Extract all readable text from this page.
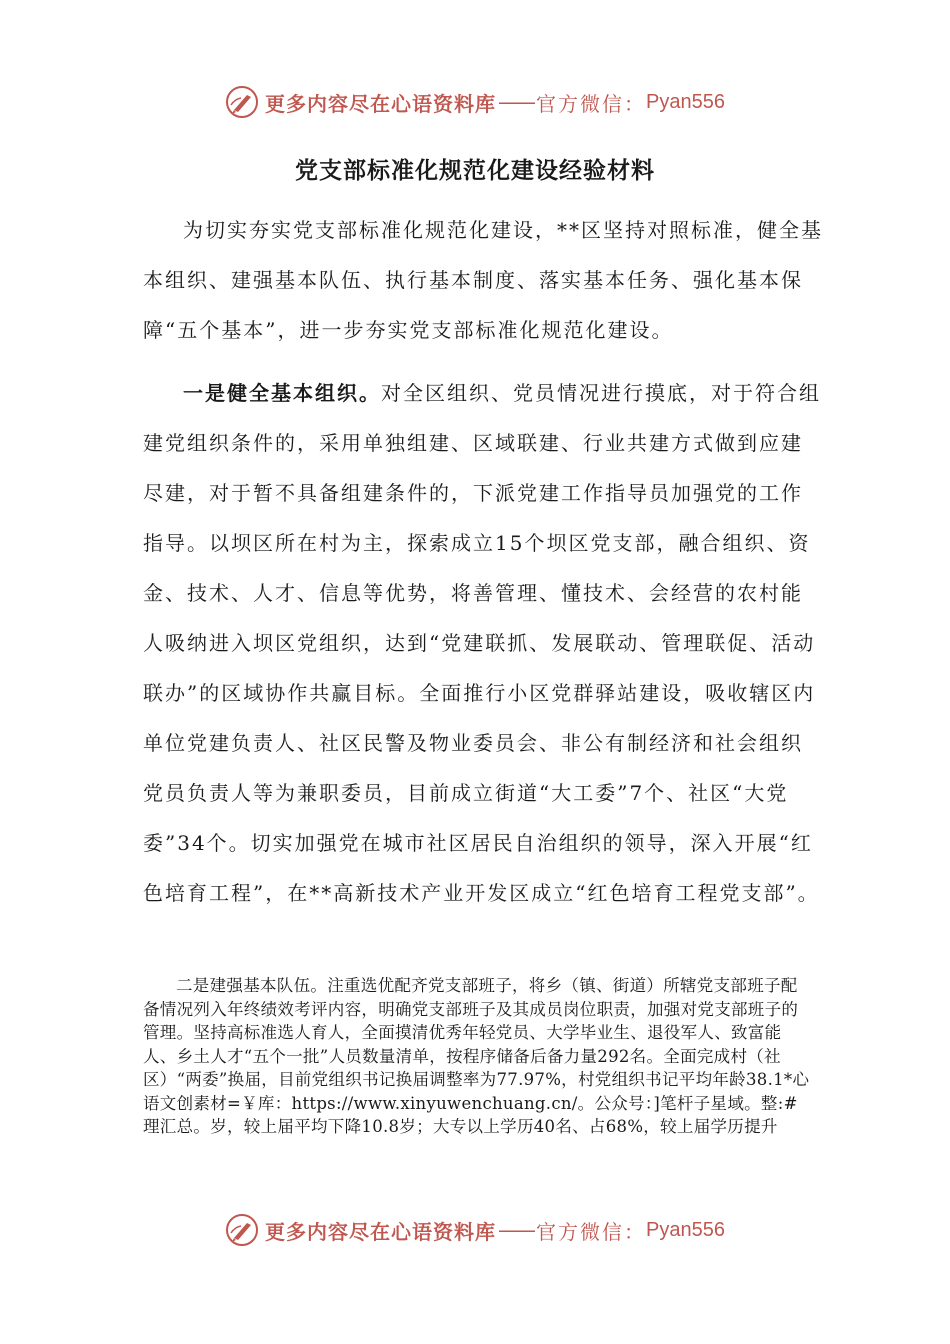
更多内容尽在心语资料库 —— 官方微信： Pyan556
党支部标准化规范化建设经验材料

为切实夯实党支部标准化规范化建设，**区坚持对照标准，健全基本组织、建强基本队伍、执行基本制度、落实基本任务、强化基本保障“五个基本”，进一步夯实党支部标准化规范化建设。

一是健全基本组织。对全区组织、党员情况进行摸底，对于符合组建党组织条件的，采用单独组建、区域联建、行业共建方式做到应建尽建，对于暂不具备组建条件的，下派党建工作指导员加强党的工作指导。以坝区所在村为主，探索成立15个坝区党支部，融合组织、资金、技术、人才、信息等优势，将善管理、懂技术、会经营的农村能人吸纳进入坝区党组织，达到“党建联抓、发展联动、管理联促、活动联办”的区域协作共赢目标。全面推行小区党群驿站建设，吸收辖区内单位党建负责人、社区民警及物业委员会、非公有制经济和社会组织党员负责人等为兼职委员，目前成立街道“大工委”7个、社区“大党委”34个。切实加强党在城市社区居民自治组织的领导，深入开展“红色培育工程”，在**高新技术产业开发区成立“红色培育工程党支部”。

二是建强基本队伍。注重选优配齐党支部班子，将乡（镇、街道）所辖党支部班子配备情况列入年终绩效考评内容，明确党支部班子及其成员岗位职责，加强对党支部班子的管理。坚持高标准选人育人，全面摸清优秀年轻党员、大学毕业生、退役军人、致富能人、乡土人才“五个一批”人员数量清单，按程序储备后备力量292名。全面完成村（社区）“两委”换届，目前党组织书记换届调整率为77.97%，村党组织书记平均年龄38.1*心语文创素材=￥库：https://www.xinyuwenchuang.cn/。公众号：]笔杆子星域。整:#理汇总。岁，较上届平均下降10.8岁；大专以上学历40名、占68%，较上届学历提升

更多内容尽在心语资料库 —— 官方微信： Pyan556
